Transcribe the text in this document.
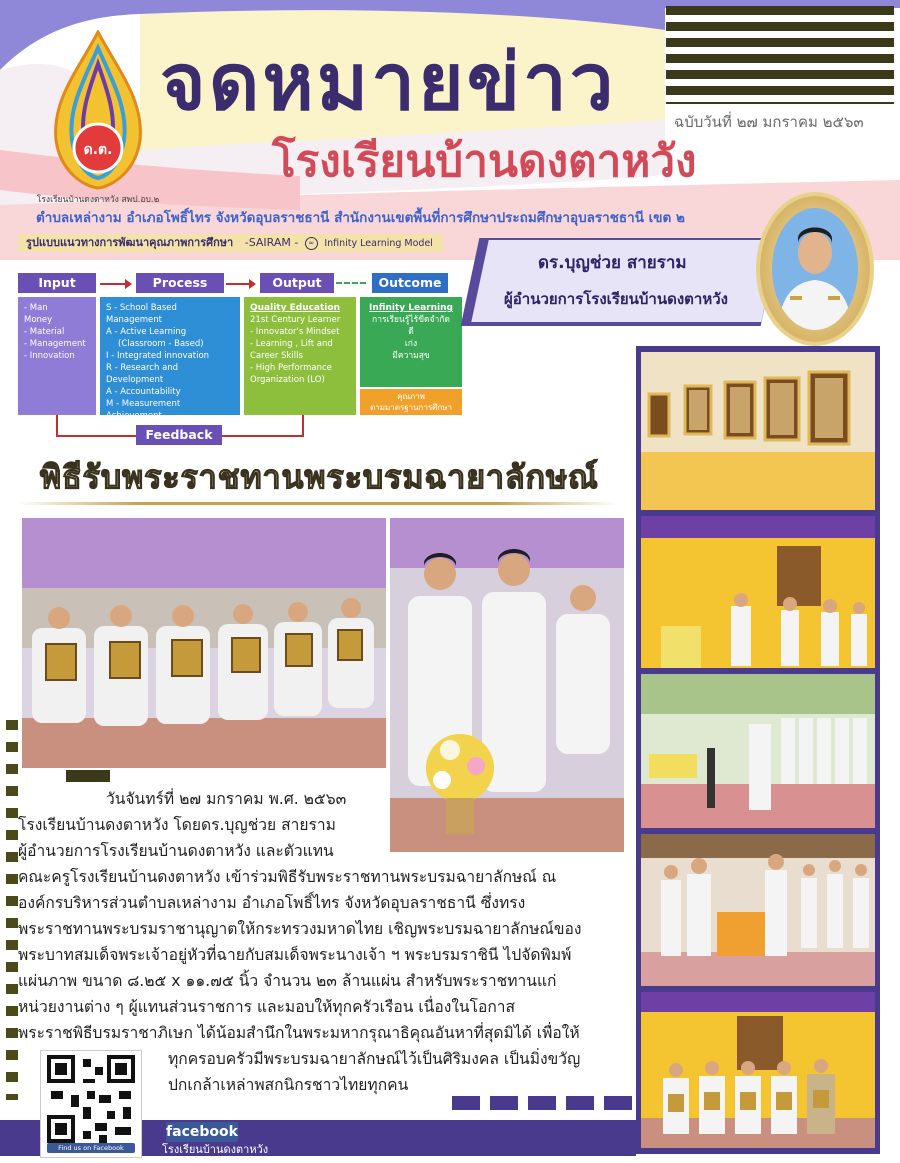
ด.ต.
โรงเรียนบ้านดงตาหวัง สพป.อบ.๒
จดหมายข่าว
โรงเรียนบ้านดงตาหวัง
ฉบับวันที่ ๒๗ มกราคม ๒๕๖๓
ตำบลเหล่างาม อำเภอโพธิ์ไทร จังหวัดอุบลราชธานี สำนักงานเขตพื้นที่การศึกษาประถมศึกษาอุบลราชธานี เขต ๒
รูปแบบแนวทางการพัฒนาคุณภาพการศึกษา -SAIRAM - ∞ Infinity Learning Model
Input	Process	Output	Outcome
- Man
Money
- Material
- Management
- Innovation
S - School Based Management
A - Active Learning
(Classroom - Based)
I - Integrated innovation
R - Research and Development
A - Accountability
M - Measurement Achievement
Quality Education
21st Century Learner
- Innovator's Mindset
- Learning , Lift and
Career Skills
- High Performance
Organization (LO)
Infinity Learning
การเรียนรู้ไร้ขีดจำกัด
ดี
เก่ง
มีความสุข
คุณภาพ
ตามมาตรฐานการศึกษา
Feedback
ดร.บุญช่วย สายราม
ผู้อำนวยการโรงเรียนบ้านดงตาหวัง
พิธีรับพระราชทานพระบรมฉายาลักษณ์
วันจันทร์ที่ ๒๗ มกราคม พ.ศ. ๒๕๖๓
โรงเรียนบ้านดงตาหวัง โดยดร.บุญช่วย สายราม
ผู้อำนวยการโรงเรียนบ้านดงตาหวัง และตัวแทน
คณะครูโรงเรียนบ้านดงตาหวัง เข้าร่วมพิธีรับพระราชทานพระบรมฉายาลักษณ์ ณ
องค์กรบริหารส่วนตำบลเหล่างาม อำเภอโพธิ์ไทร จังหวัดอุบลราชธานี ซึ่งทรง
พระราชทานพระบรมราชานุญาตให้กระทรวงมหาดไทย เชิญพระบรมฉายาลักษณ์ของ
พระบาทสมเด็จพระเจ้าอยู่หัวที่ฉายกับสมเด็จพระนางเจ้า ฯ พระบรมราชินี ไปจัดพิมพ์
แผ่นภาพ ขนาด ๘.๒๕ x ๑๑.๗๕ นิ้ว จำนวน ๒๓ ล้านแผ่น สำหรับพระราชทานแก่
หน่วยงานต่าง ๆ ผู้แทนส่วนราชการ และมอบให้ทุกครัวเรือน เนื่องในโอกาส
พระราชพิธีบรมราชาภิเษก ได้น้อมสำนึกในพระมหากรุณาธิคุณอันหาที่สุดมิได้ เพื่อให้
ทุกครอบครัวมีพระบรมฉายาลักษณ์ไว้เป็นศิริมงคล เป็นมิ่งขวัญ
ปกเกล้าเหล่าพสกนิกรชาวไทยทุกคน
Find us on Facebook
facebook
โรงเรียนบ้านดงตาหวัง
